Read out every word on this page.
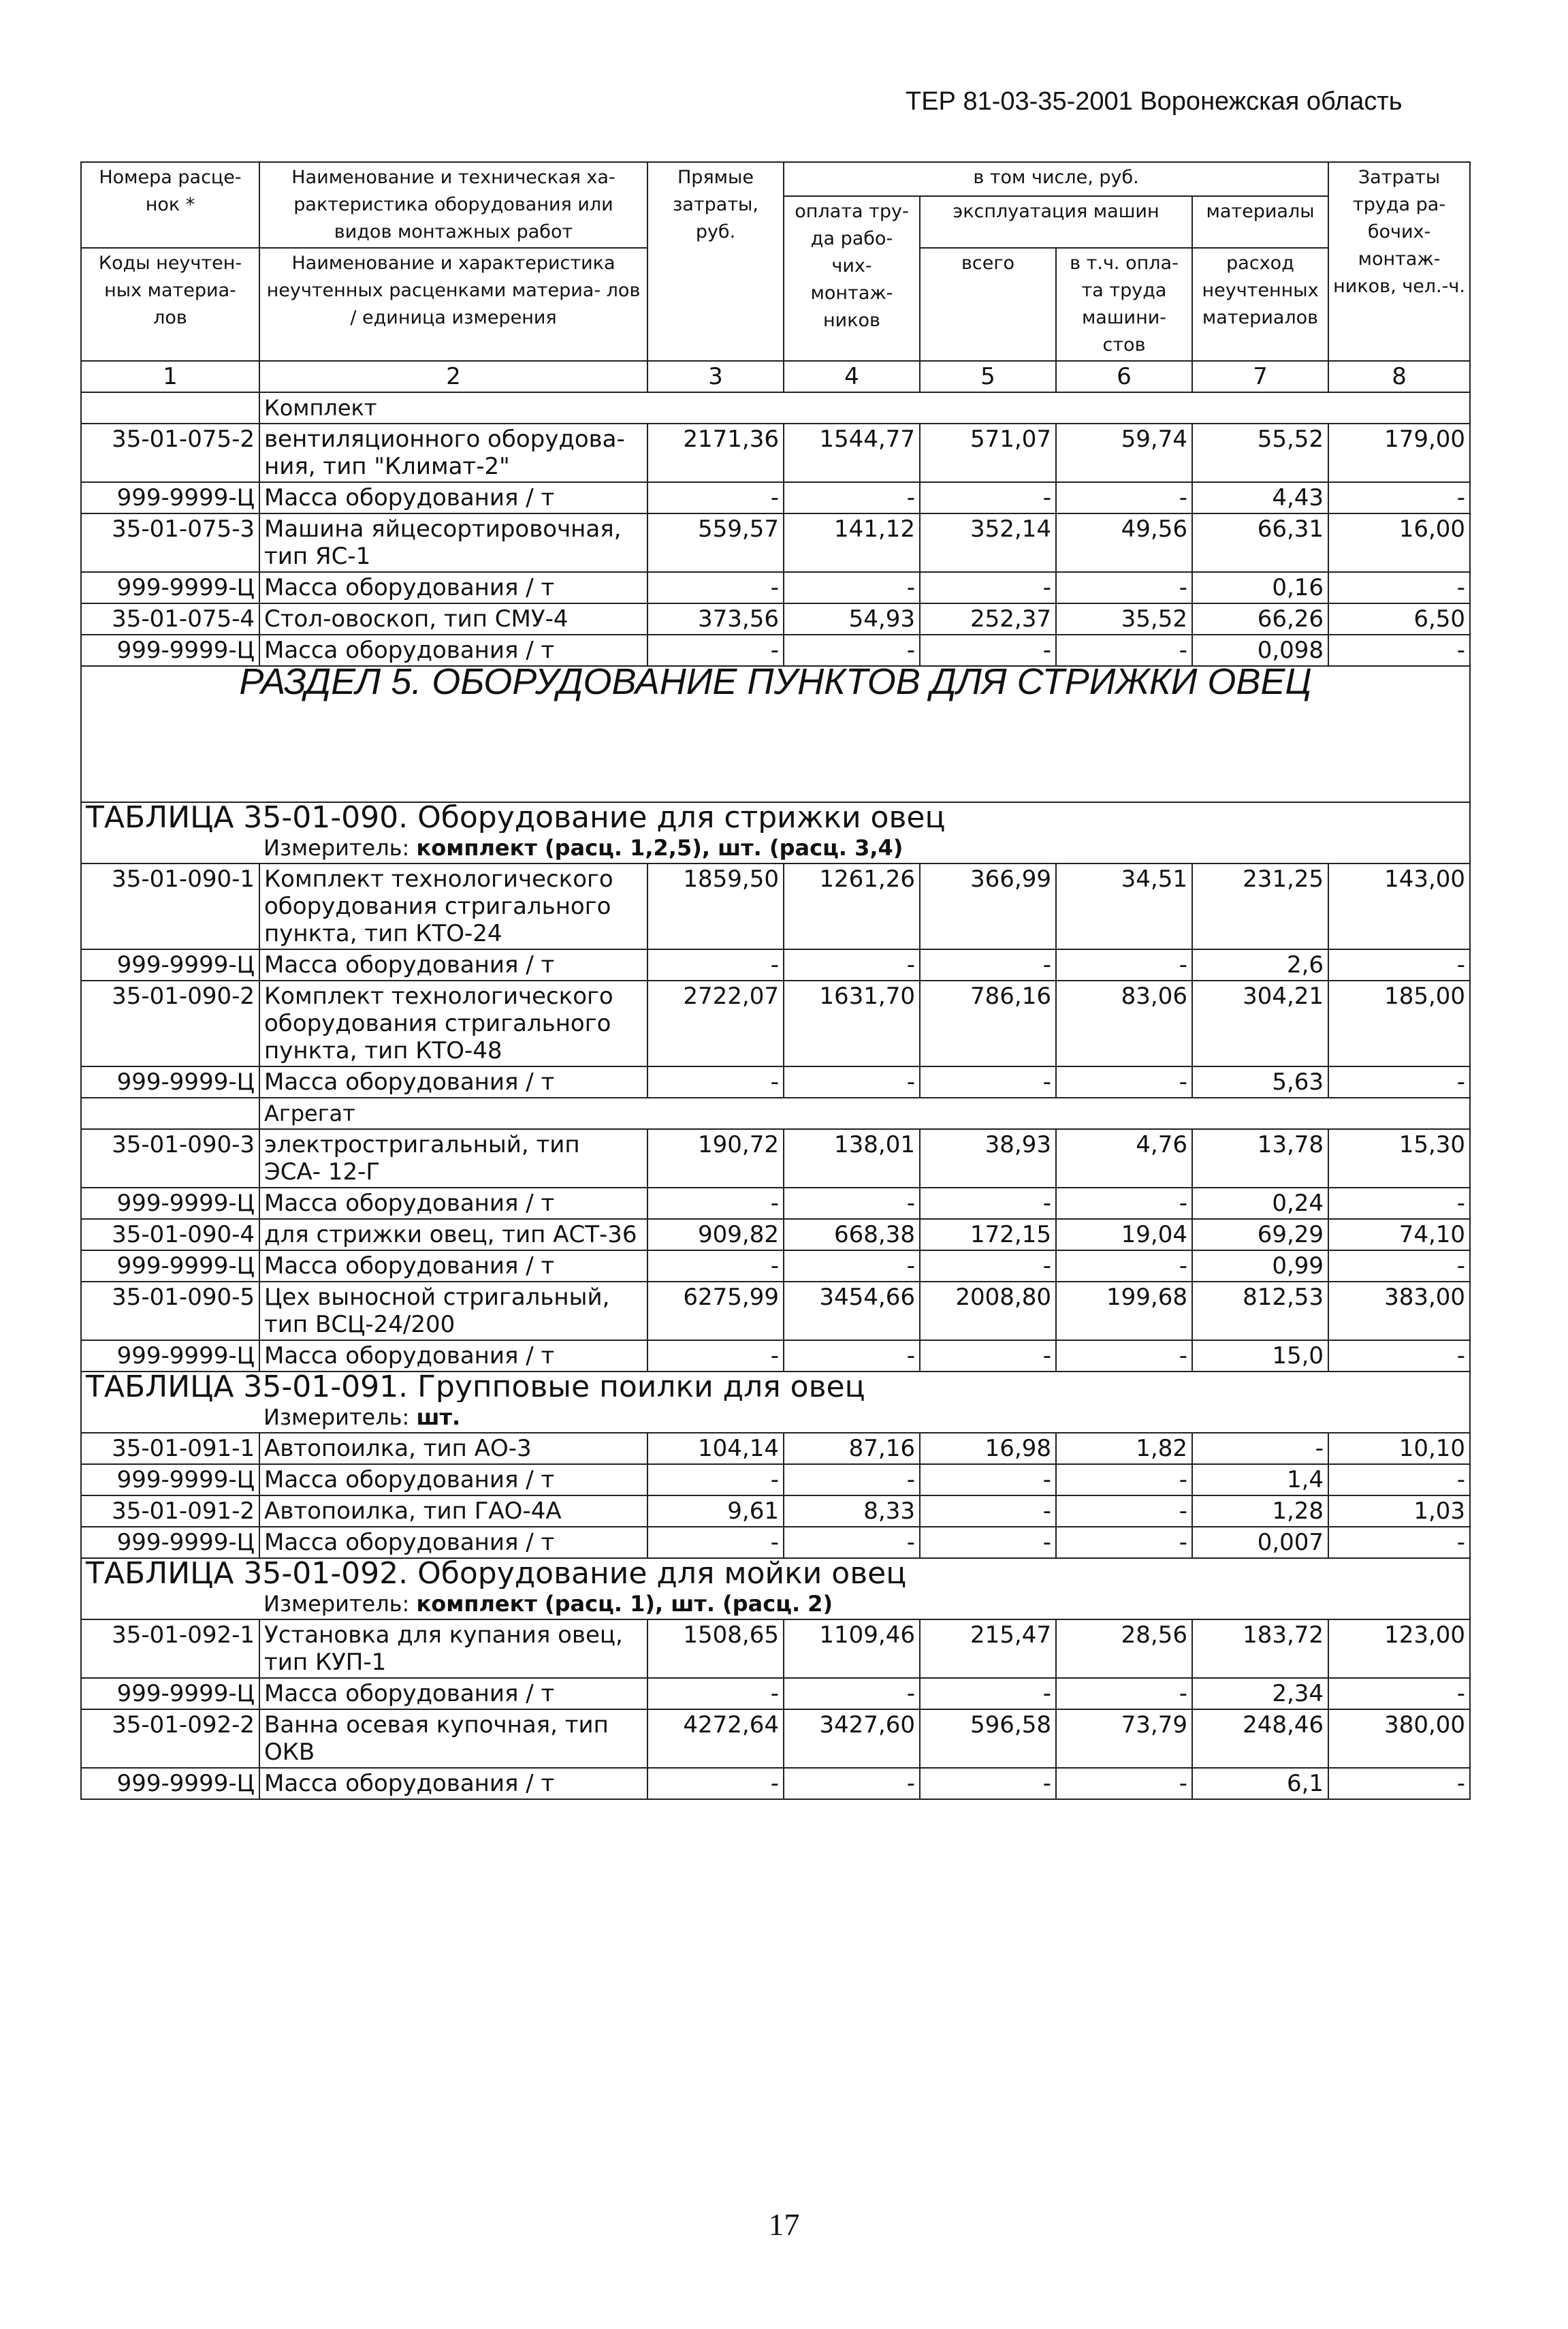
ТЕР 81-03-35-2001 Воронежская область
Номера расце- нок *	Наименование и техническая ха- рактеристика оборудования или видов монтажных работ	Прямые затраты, руб.	в том числе, руб.				Затраты труда ра- бочих- монтаж- ников, чел.-ч.
			оплата тру- да рабо- чих- монтаж- ников	эксплуатация машин		материалы	
Коды неучтен- ных материа- лов	Наименование и характеристика неучтенных расценками материа- лов / единица измерения			всего	в т.ч. опла- та труда машини- стов	расход неучтенных материалов	

1	2	3	4	5	6	7	8
	Комплект						
35-01-075-2	вентиляционного оборудова- ния, тип "Климат-2"	2171,36	1544,77	571,07	59,74	55,52	179,00
999-9999-Ц	Масса оборудования / т	-	-	-	-	4,43	-
35-01-075-3	Машина яйцесортировочная, тип ЯС-1	559,57	141,12	352,14	49,56	66,31	16,00
999-9999-Ц	Масса оборудования / т	-	-	-	-	0,16	-
35-01-075-4	Стол-овоскоп, тип СМУ-4	373,56	54,93	252,37	35,52	66,26	6,50
999-9999-Ц	Масса оборудования / т	-	-	-	-	0,098	-
РАЗДЕЛ 5. ОБОРУДОВАНИЕ ПУНКТОВ ДЛЯ СТРИЖКИ ОВЕЦ							
ТАБЛИЦА 35-01-090. Оборудование для стрижки овец							
	Измеритель: комплект (расц. 1,2,5), шт. (расц. 3,4)						
35-01-090-1	Комплект технологического оборудования стригального пункта, тип КТО-24	1859,50	1261,26	366,99	34,51	231,25	143,00
999-9999-Ц	Масса оборудования / т	-	-	-	-	2,6	-
35-01-090-2	Комплект технологического оборудования стригального пункта, тип КТО-48	2722,07	1631,70	786,16	83,06	304,21	185,00
999-9999-Ц	Масса оборудования / т	-	-	-	-	5,63	-
	Агрегат						
35-01-090-3	электростригальный, тип ЭСА- 12-Г	190,72	138,01	38,93	4,76	13,78	15,30
999-9999-Ц	Масса оборудования / т	-	-	-	-	0,24	-
35-01-090-4	для стрижки овец, тип АСТ-36	909,82	668,38	172,15	19,04	69,29	74,10
999-9999-Ц	Масса оборудования / т	-	-	-	-	0,99	-
35-01-090-5	Цех выносной стригальный, тип ВСЦ-24/200	6275,99	3454,66	2008,80	199,68	812,53	383,00
999-9999-Ц	Масса оборудования / т	-	-	-	-	15,0	-
ТАБЛИЦА 35-01-091. Групповые поилки для овец							
	Измеритель: шт.						
35-01-091-1	Автопоилка, тип АО-3	104,14	87,16	16,98	1,82	-	10,10
999-9999-Ц	Масса оборудования / т	-	-	-	-	1,4	-
35-01-091-2	Автопоилка, тип ГАО-4А	9,61	8,33	-	-	1,28	1,03
999-9999-Ц	Масса оборудования / т	-	-	-	-	0,007	-
ТАБЛИЦА 35-01-092. Оборудование для мойки овец							
	Измеритель: комплект (расц. 1), шт. (расц. 2)						
35-01-092-1	Установка для купания овец, тип КУП-1	1508,65	1109,46	215,47	28,56	183,72	123,00
999-9999-Ц	Масса оборудования / т	-	-	-	-	2,34	-
35-01-092-2	Ванна осевая купочная, тип ОКВ	4272,64	3427,60	596,58	73,79	248,46	380,00
999-9999-Ц	Масса оборудования / т	-	-	-	-	6,1	-
17
